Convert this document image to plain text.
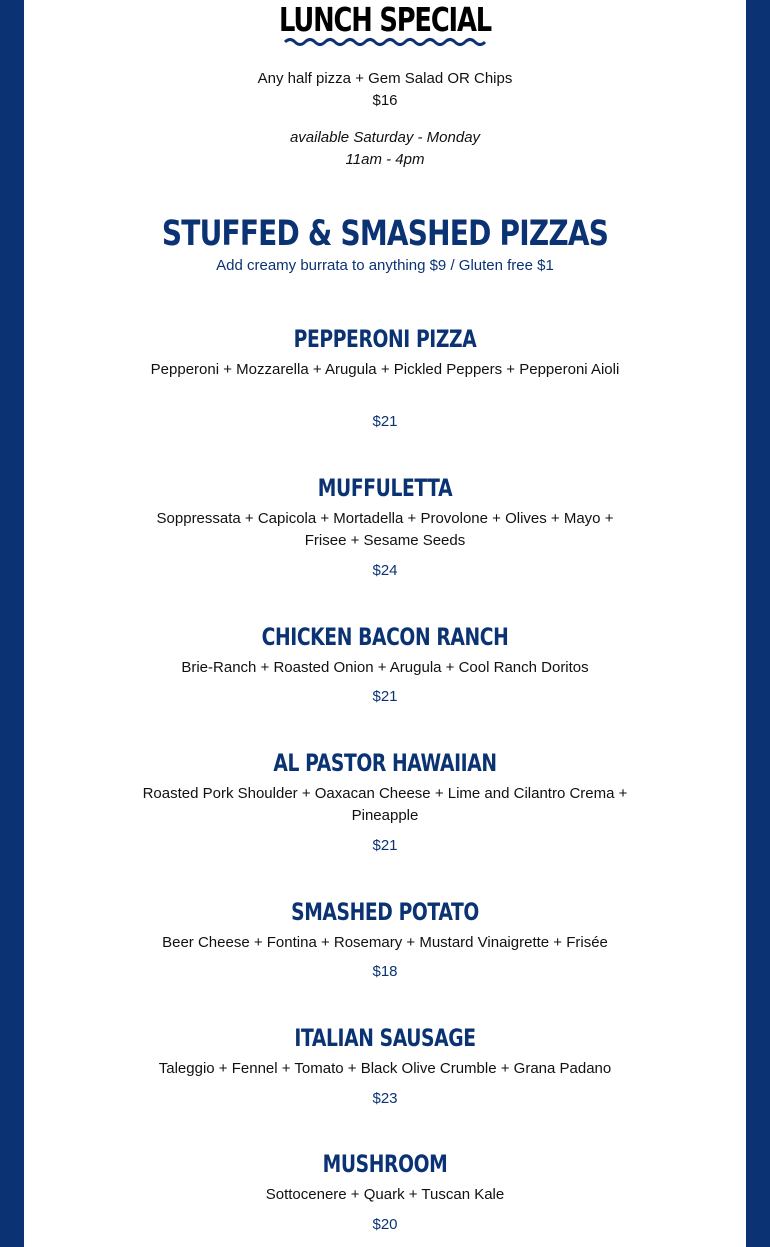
LUNCH SPECIAL
Any half pizza + Gem Salad OR Chips
$16
available Saturday - Monday
11am - 4pm
STUFFED & SMASHED PIZZAS
Add creamy burrata to anything $9 / Gluten free $1
PEPPERONI PIZZA
Pepperoni + Mozzarella + Arugula + Pickled Peppers + Pepperoni Aioli
$21
MUFFULETTA
Soppressata + Capicola + Mortadella + Provolone + Olives + Mayo + Frisee + Sesame Seeds
$24
CHICKEN BACON RANCH
Brie-Ranch + Roasted Onion + Arugula + Cool Ranch Doritos
$21
AL PASTOR HAWAIIAN
Roasted Pork Shoulder + Oaxacan Cheese + Lime and Cilantro Crema + Pineapple
$21
SMASHED POTATO
Beer Cheese + Fontina + Rosemary + Mustard Vinaigrette + Frisée
$18
ITALIAN SAUSAGE
Taleggio + Fennel + Tomato + Black Olive Crumble + Grana Padano
$23
MUSHROOM
Sottocenere + Quark + Tuscan Kale
$20
